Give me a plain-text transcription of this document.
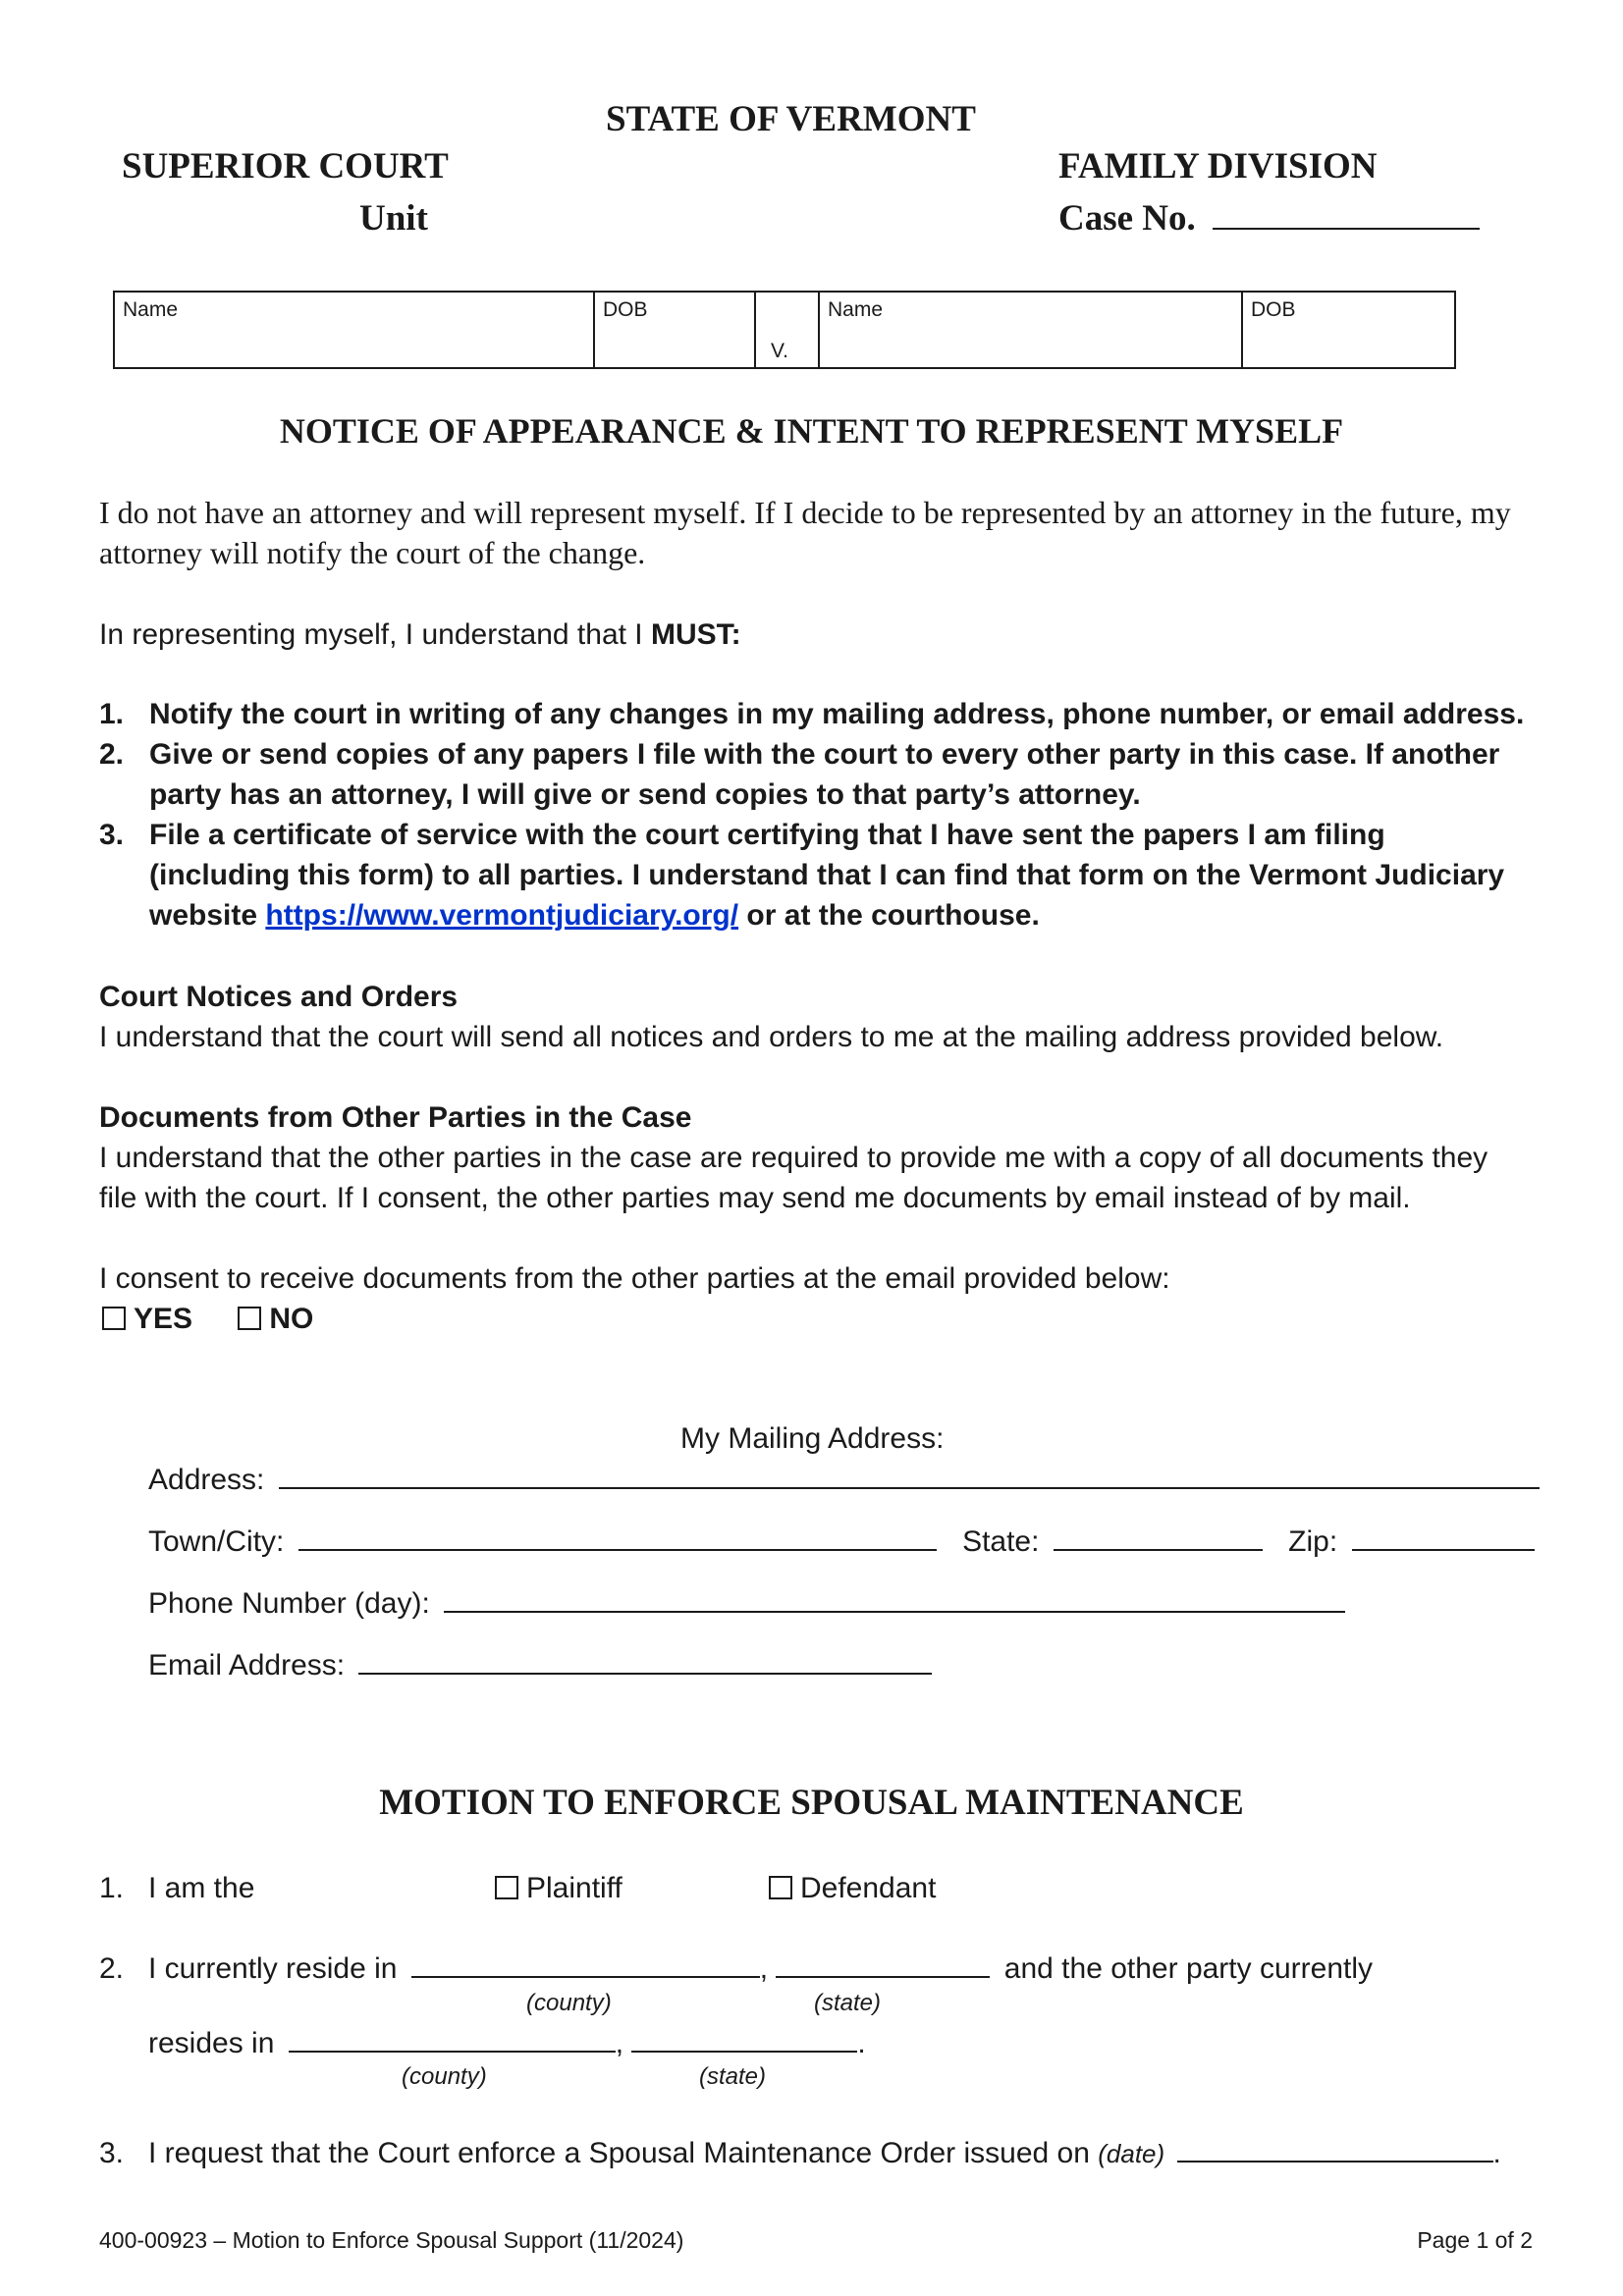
STATE OF VERMONT
SUPERIOR COURT
Unit
FAMILY DIVISION
Case No.
Name	DOB
V.
Name	DOB
NOTICE OF APPEARANCE & INTENT TO REPRESENT MYSELF
I do not have an attorney and will represent myself. If I decide to be represented by an attorney in the future, my attorney will notify the court of the change.
In representing myself, I understand that I MUST:
1. Notify the court in writing of any changes in my mailing address, phone number, or email address.
2. Give or send copies of any papers I file with the court to every other party in this case. If another party has an attorney, I will give or send copies to that party’s attorney.
3. File a certificate of service with the court certifying that I have sent the papers I am filing (including this form) to all parties. I understand that I can find that form on the Vermont Judiciary website https://www.vermontjudiciary.org/ or at the courthouse.
Court Notices and Orders
I understand that the court will send all notices and orders to me at the mailing address provided below.
Documents from Other Parties in the Case
I understand that the other parties in the case are required to provide me with a copy of all documents they file with the court. If I consent, the other parties may send me documents by email instead of by mail.
I consent to receive documents from the other parties at the email provided below:
YES	NO
My Mailing Address:
Address:
Town/City:	State:	Zip:
Phone Number (day):
Email Address:
MOTION TO ENFORCE SPOUSAL MAINTENANCE
1. I am the	Plaintiff	Defendant
2. I currently reside in	,	and the other party currently
(county)	(state)
resides in	,	.
(county)	(state)
3. I request that the Court enforce a Spousal Maintenance Order issued on (date)	.
400-00923 – Motion to Enforce Spousal Support (11/2024)	Page 1 of 2
